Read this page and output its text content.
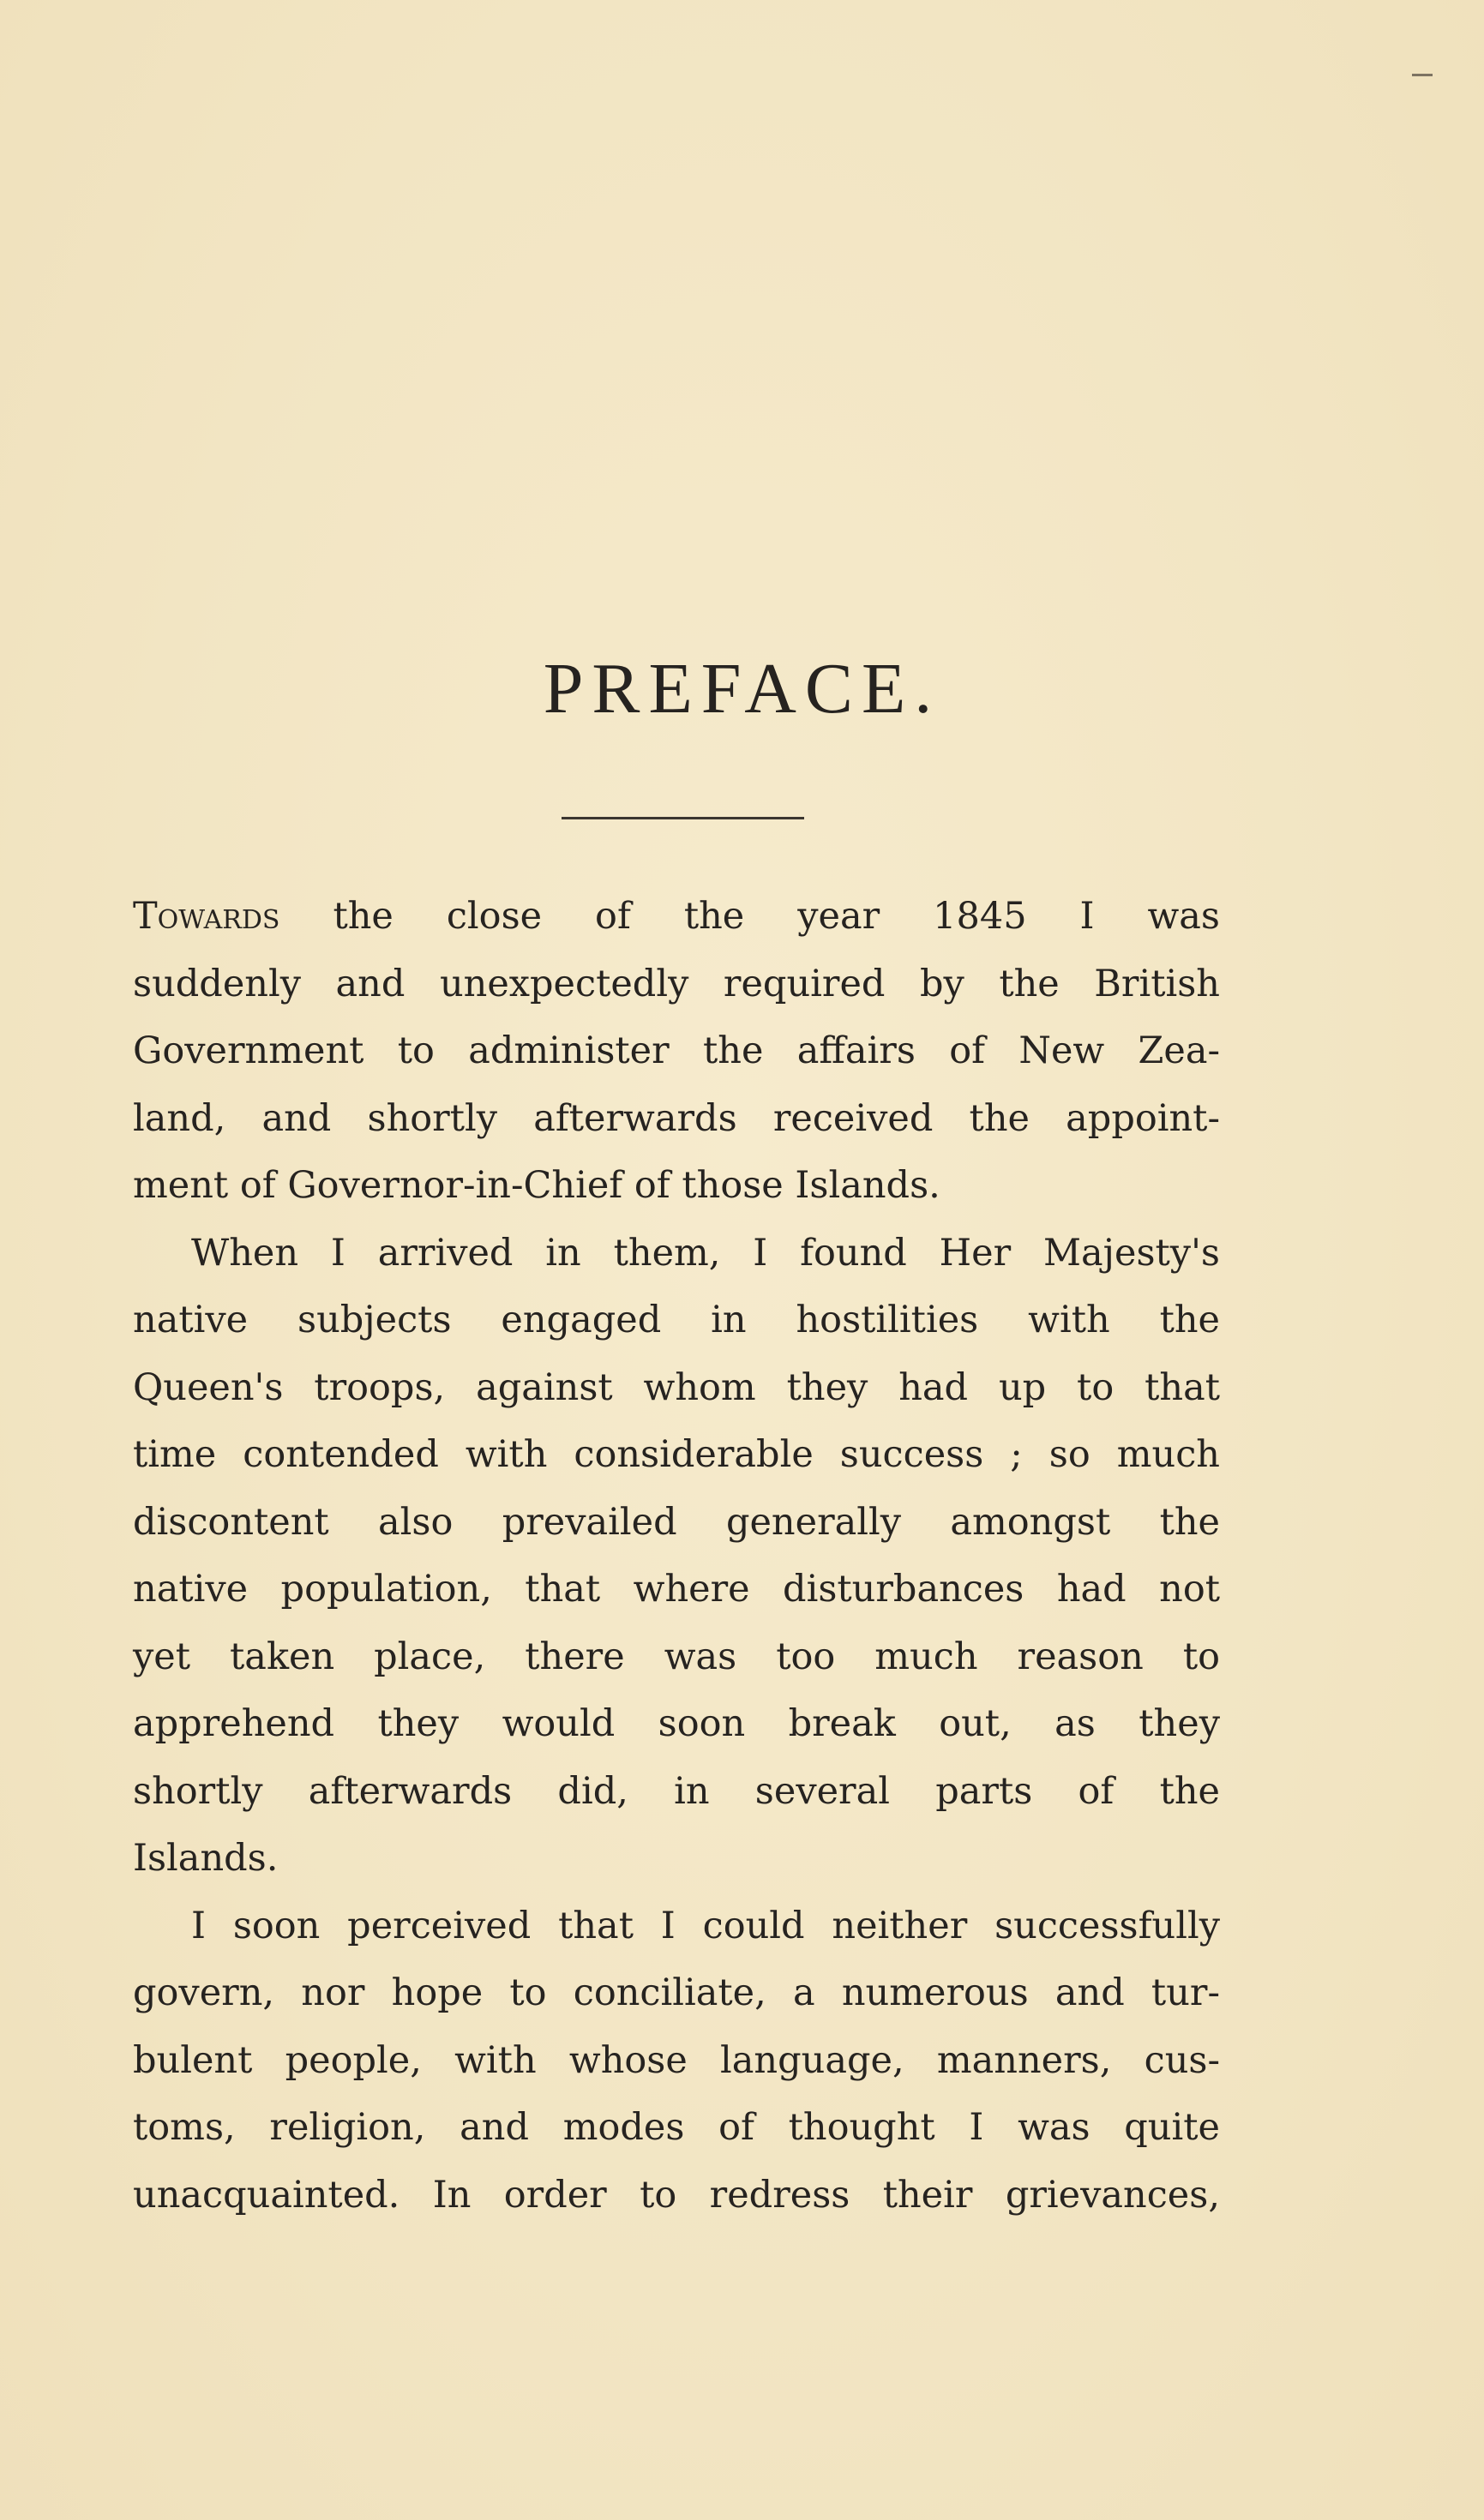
PREFACE.
Towards the close of the year 1845 I was
suddenly and unexpectedly required by the British
Government to administer the affairs of New Zea-
land, and shortly afterwards received the appoint-
ment of Governor-in-Chief of those Islands.
When I arrived in them, I found Her Majesty's
native subjects engaged in hostilities with the
Queen's troops, against whom they had up to that
time contended with considerable success ; so much
discontent also prevailed generally amongst the
native population, that where disturbances had not
yet taken place, there was too much reason to
apprehend they would soon break out, as they
shortly afterwards did, in several parts of the
Islands.
I soon perceived that I could neither successfully
govern, nor hope to conciliate, a numerous and tur-
bulent people, with whose language, manners, cus-
toms, religion, and modes of thought I was quite
unacquainted. In order to redress their grievances,
